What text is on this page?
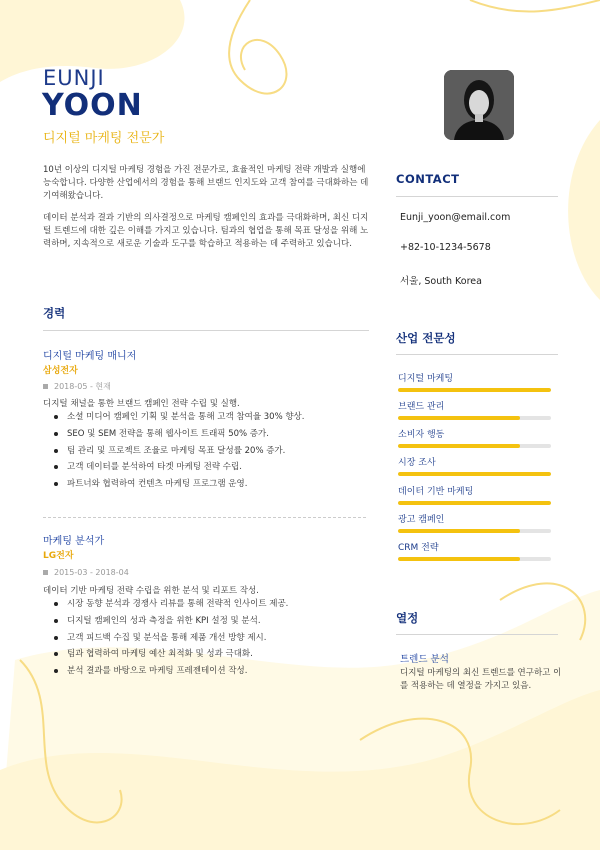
EUNJI
YOON
디지털 마케팅 전문가

10년 이상의 디지털 마케팅 경험을 가진 전문가로, 효율적인 마케팅 전략 개발과 실행에 능숙합니다. 다양한 산업에서의 경험을 통해 브랜드 인지도와 고객 참여를 극대화하는 데 기여해왔습니다.

데이터 분석과 결과 기반의 의사결정으로 마케팅 캠페인의 효과를 극대화하며, 최신 디지털 트렌드에 대한 깊은 이해를 가지고 있습니다. 팀과의 협업을 통해 목표 달성을 위해 노력하며, 지속적으로 새로운 기술과 도구를 학습하고 적용하는 데 주력하고 있습니다.

경력
디지털 마케팅 매니저
삼성전자
2018-05 - 현재
디지털 채널을 통한 브랜드 캠페인 전략 수립 및 실행.
소셜 미디어 캠페인 기획 및 분석을 통해 고객 참여율 30% 향상.
SEO 및 SEM 전략을 통해 웹사이트 트래픽 50% 증가.
팀 관리 및 프로젝트 조율로 마케팅 목표 달성률 20% 증가.
고객 데이터를 분석하여 타겟 마케팅 전략 수립.
파트너와 협력하여 컨텐츠 마케팅 프로그램 운영.
마케팅 분석가
LG전자
2015-03 - 2018-04
데이터 기반 마케팅 전략 수립을 위한 분석 및 리포트 작성.
시장 동향 분석과 경쟁사 리뷰를 통해 전략적 인사이트 제공.
디지털 캠페인의 성과 측정을 위한 KPI 설정 및 분석.
고객 피드백 수집 및 분석을 통해 제품 개선 방향 제시.
팀과 협력하여 마케팅 예산 최적화 및 성과 극대화.
분석 결과를 바탕으로 마케팅 프레젠테이션 작성.
CONTACT
Eunji_yoon@email.com
+82-10-1234-5678
서울, South Korea
산업 전문성
디지털 마케팅
브랜드 관리
소비자 행동
시장 조사
데이터 기반 마케팅
광고 캠페인
CRM 전략
열정
트렌드 분석

디지털 마케팅의 최신 트렌드를 연구하고 이를 적용하는 데 열정을 가지고 있음.
